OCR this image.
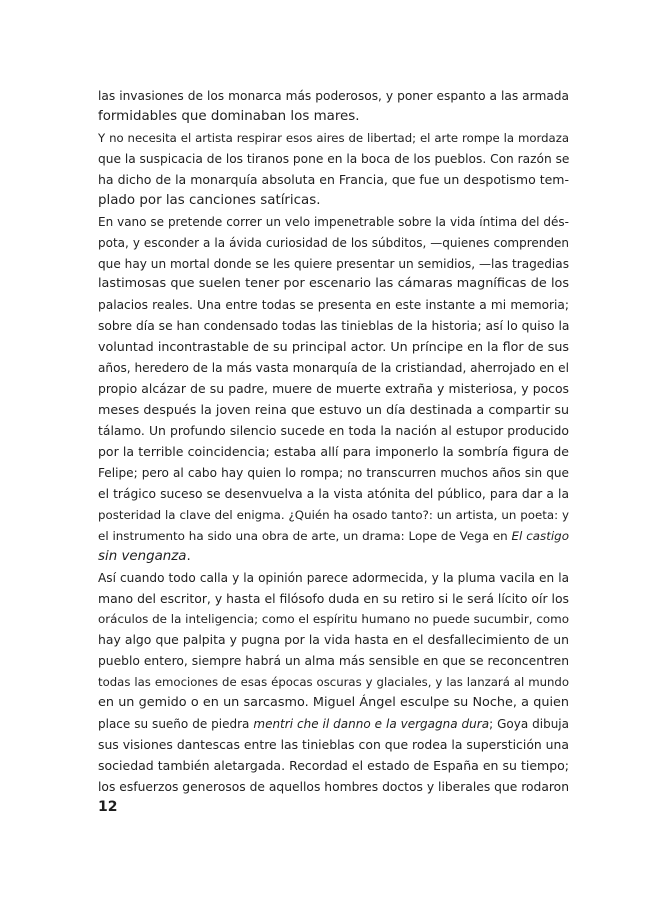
las invasiones de los monarca más poderosos, y poner espanto a las armada
formidables que dominaban los mares.
Y no necesita el artista respirar esos aires de libertad; el arte rompe la mordaza
que la suspicacia de los tiranos pone en la boca de los pueblos. Con razón se
ha dicho de la monarquía absoluta en Francia, que fue un despotismo tem-
plado por las canciones satíricas.
En vano se pretende correr un velo impenetrable sobre la vida íntima del dés-
pota, y esconder a la ávida curiosidad de los súbditos, —quienes comprenden
que hay un mortal donde se les quiere presentar un semidios, —las tragedias
lastimosas que suelen tener por escenario las cámaras magníficas de los
palacios reales. Una entre todas se presenta en este instante a mi memoria;
sobre día se han condensado todas las tinieblas de la historia; así lo quiso la
voluntad incontrastable de su principal actor. Un príncipe en la flor de sus
años, heredero de la más vasta monarquía de la cristiandad, aherrojado en el
propio alcázar de su padre, muere de muerte extraña y misteriosa, y pocos
meses después la joven reina que estuvo un día destinada a compartir su
tálamo. Un profundo silencio sucede en toda la nación al estupor producido
por la terrible coincidencia; estaba allí para imponerlo la sombría figura de
Felipe; pero al cabo hay quien lo rompa; no transcurren muchos años sin que
el trágico suceso se desenvuelva a la vista atónita del público, para dar a la
posteridad la clave del enigma. ¿Quién ha osado tanto?: un artista, un poeta: y
el instrumento ha sido una obra de arte, un drama: Lope de Vega en El castigo
sin venganza.
Así cuando todo calla y la opinión parece adormecida, y la pluma vacila en la
mano del escritor, y hasta el filósofo duda en su retiro si le será lícito oír los
oráculos de la inteligencia; como el espíritu humano no puede sucumbir, como
hay algo que palpita y pugna por la vida hasta en el desfallecimiento de un
pueblo entero, siempre habrá un alma más sensible en que se reconcentren
todas las emociones de esas épocas oscuras y glaciales, y las lanzará al mundo
en un gemido o en un sarcasmo. Miguel Ángel esculpe su Noche, a quien
place su sueño de piedra mentri che il danno e la vergagna dura; Goya dibuja
sus visiones dantescas entre las tinieblas con que rodea la superstición una
sociedad también aletargada. Recordad el estado de España en su tiempo;
los esfuerzos generosos de aquellos hombres doctos y liberales que rodaron
12
